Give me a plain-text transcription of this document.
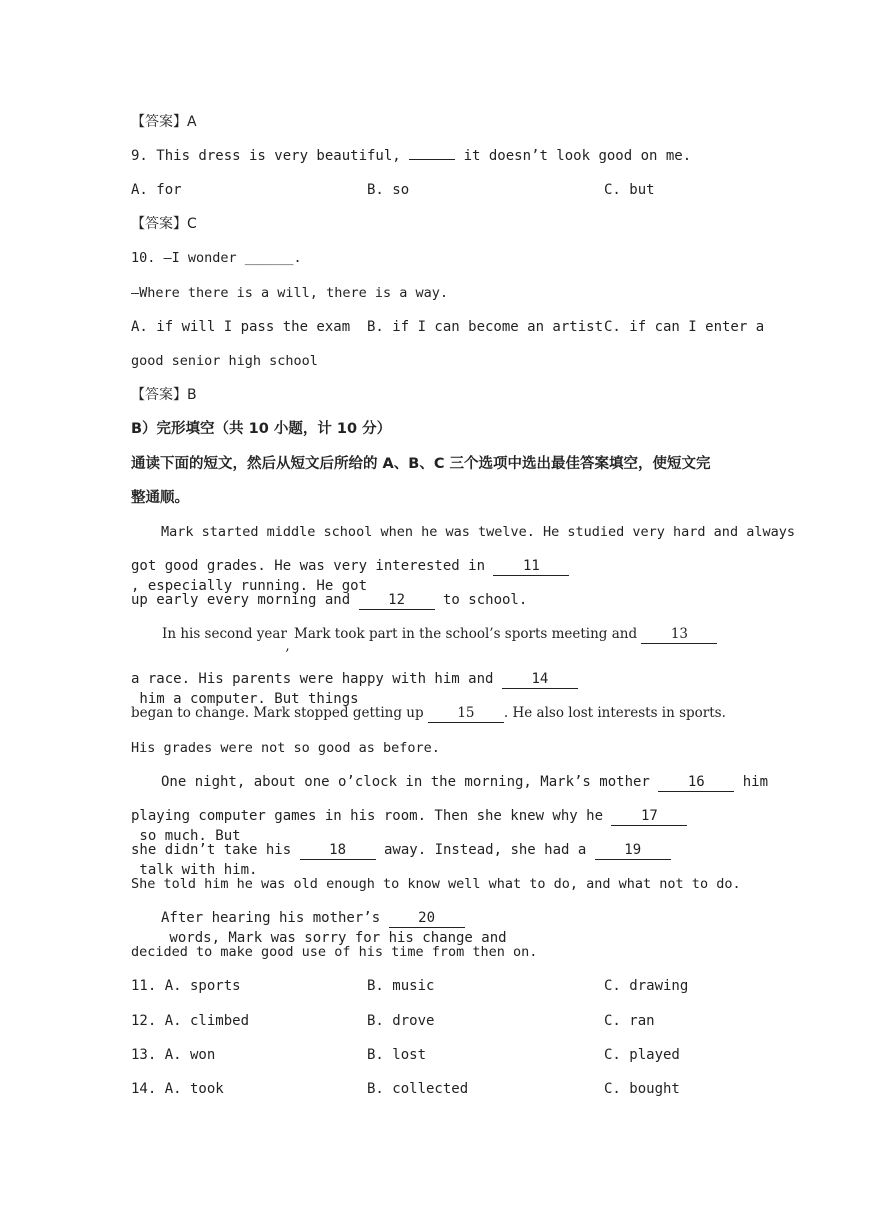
【答案】A
9. This dress is very beautiful,	it doesn’t look good on me.
A. for	B. so	C. but
【答案】C
10. —I wonder ______.
—Where there is a will, there is a way.
A. if will I pass the exam B. if I can become an artist C. if can I enter a
good senior high school
【答案】B
B）完形填空（共 10 小题，计 10 分）
通读下面的短文，然后从短文后所给的 A、B、C 三个选项中选出最佳答案填空，使短文完
整通顺。
Mark started middle school when he was twelve. He studied very hard and always
got good grades. He was very interested in 11, especially running. He got
up early every morning and 12 to school.
In his second year, Mark took part in the school’s sports meeting and 13
a race. His parents were happy with him and 14 him a computer. But things
began to change. Mark stopped getting up 15 . He also lost interests in sports.
His grades were not so good as before.
One night, about one o’clock in the morning, Mark’s mother 16 him
playing computer games in his room. Then she knew why he 17 so much. But
she didn’t take his 18 away. Instead, she had a 19 talk with him.
She told him he was old enough to know well what to do, and what not to do.
After hearing his mother’s 20 words, Mark was sorry for his change and
decided to make good use of his time from then on.
11. A. sports	B. music	C. drawing
12. A. climbed	B. drove	C. ran
13. A. won	B. lost	C. played
14. A. took	B. collected	C. bought
